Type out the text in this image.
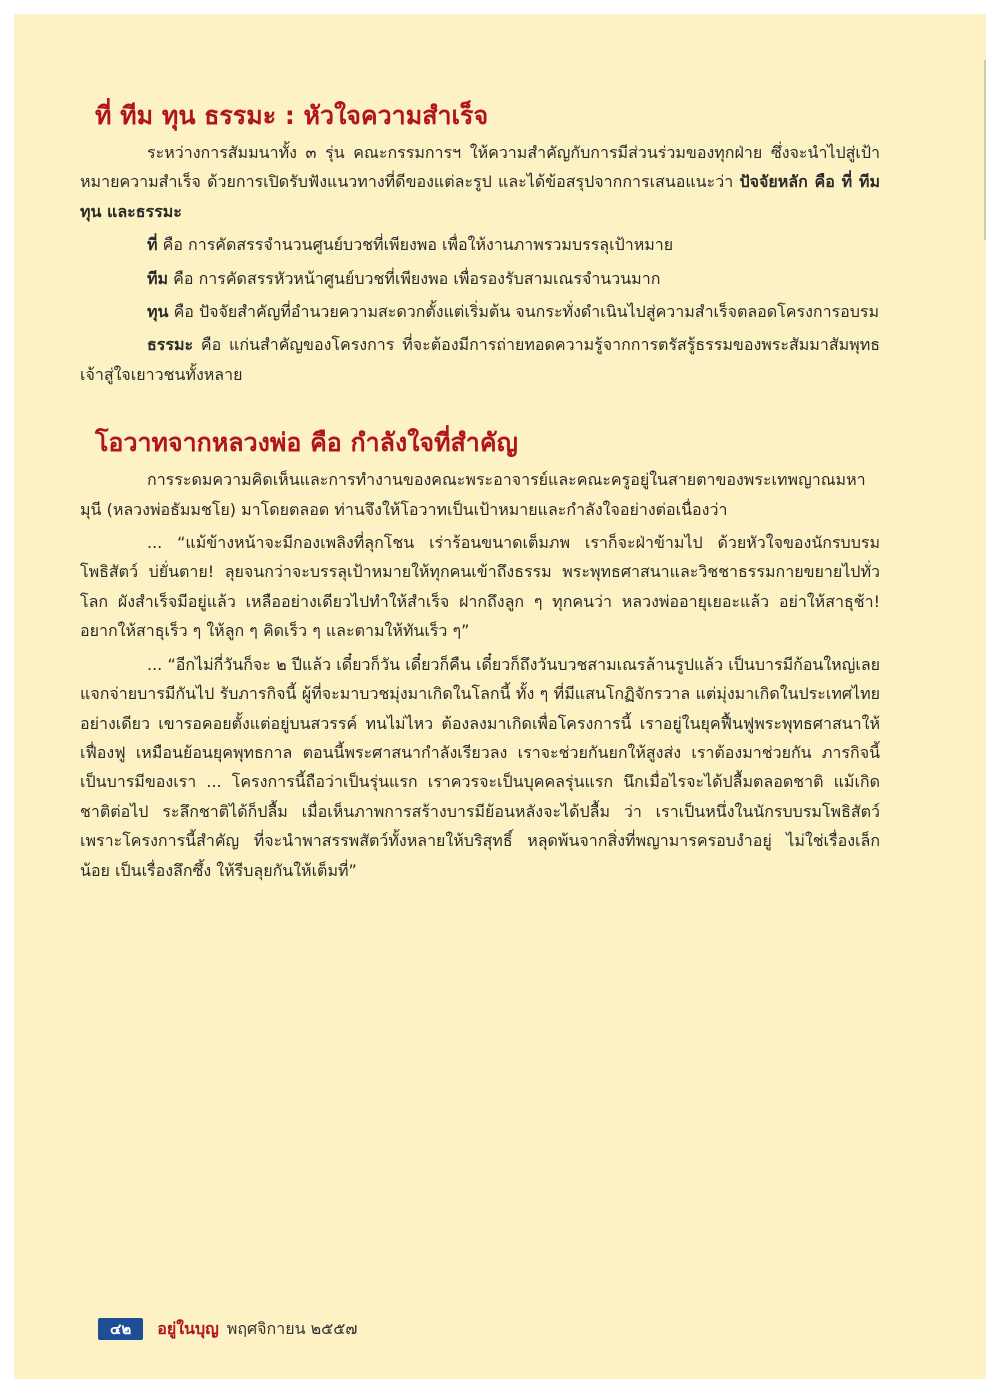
ที่ ทีม ทุน ธรรมะ : หัวใจความสำเร็จ

ระหว่างการสัมมนาทั้ง ๓ รุ่น คณะกรรมการฯ ให้ความสำคัญกับการมีส่วนร่วมของทุกฝ่าย ซึ่งจะนำไปสู่เป้าหมายความสำเร็จ ด้วยการเปิดรับฟังแนวทางที่ดีของแต่ละรูป และได้ข้อสรุปจากการเสนอแนะว่า ปัจจัยหลัก คือ ที่ ทีม ทุน และธรรมะ

ที่ คือ การคัดสรรจำนวนศูนย์บวชที่เพียงพอ เพื่อให้งานภาพรวมบรรลุเป้าหมาย

ทีม คือ การคัดสรรหัวหน้าศูนย์บวชที่เพียงพอ เพื่อรองรับสามเณรจำนวนมาก

ทุน คือ ปัจจัยสำคัญที่อำนวยความสะดวกตั้งแต่เริ่มต้น จนกระทั่งดำเนินไปสู่ความสำเร็จตลอดโครงการอบรม

ธรรมะ คือ แก่นสำคัญของโครงการ ที่จะต้องมีการถ่ายทอดความรู้จากการตรัสรู้ธรรมของพระสัมมาสัมพุทธเจ้าสู่ใจเยาวชนทั้งหลาย

โอวาทจากหลวงพ่อ คือ กำลังใจที่สำคัญ

การระดมความคิดเห็นและการทำงานของคณะพระอาจารย์และคณะครูอยู่ในสายตาของพระเทพญาณมหามุนี (หลวงพ่อธัมมชโย) มาโดยตลอด ท่านจึงให้โอวาทเป็นเป้าหมายและกำลังใจอย่างต่อเนื่องว่า

... “แม้ข้างหน้าจะมีกองเพลิงที่ลุกโชน เร่าร้อนขนาดเต็มภพ เราก็จะฝ่าข้ามไป ด้วยหัวใจของนักรบบรมโพธิสัตว์ บ่ยั่นตาย! ลุยจนกว่าจะบรรลุเป้าหมายให้ทุกคนเข้าถึงธรรม พระพุทธศาสนาและวิชชาธรรมกายขยายไปทั่วโลก ผังสำเร็จมีอยู่แล้ว เหลืออย่างเดียวไปทำให้สำเร็จ ฝากถึงลูก ๆ ทุกคนว่า หลวงพ่ออายุเยอะแล้ว อย่าให้สาธุช้า! อยากให้สาธุเร็ว ๆ ให้ลูก ๆ คิดเร็ว ๆ และตามให้ทันเร็ว ๆ”

... “อีกไม่กี่วันก็จะ ๒ ปีแล้ว เดี๋ยวก็วัน เดี๋ยวก็คืน เดี๋ยวก็ถึงวันบวชสามเณรล้านรูปแล้ว เป็นบารมีก้อนใหญ่เลย แจกจ่ายบารมีกันไป รับภารกิจนี้ ผู้ที่จะมาบวชมุ่งมาเกิดในโลกนี้ ทั้ง ๆ ที่มีแสนโกฏิจักรวาล แต่มุ่งมาเกิดในประเทศไทยอย่างเดียว เขารอคอยตั้งแต่อยู่บนสวรรค์ ทนไม่ไหว ต้องลงมาเกิดเพื่อโครงการนี้ เราอยู่ในยุคฟื้นฟูพระพุทธศาสนาให้เฟื่องฟู เหมือนย้อนยุคพุทธกาล ตอนนี้พระศาสนากำลังเรียวลง เราจะช่วยกันยกให้สูงส่ง เราต้องมาช่วยกัน ภารกิจนี้เป็นบารมีของเรา ... โครงการนี้ถือว่าเป็นรุ่นแรก เราควรจะเป็นบุคคลรุ่นแรก นึกเมื่อไรจะได้ปลื้มตลอดชาติ แม้เกิดชาติต่อไป ระลึกชาติได้ก็ปลื้ม เมื่อเห็นภาพการสร้างบารมีย้อนหลังจะได้ปลื้ม ว่า เราเป็นหนึ่งในนักรบบรมโพธิสัตว์ เพราะโครงการนี้สำคัญ ที่จะนำพาสรรพสัตว์ทั้งหลายให้บริสุทธิ์ หลุดพ้นจากสิ่งที่พญามารครอบงำอยู่ ไม่ใช่เรื่องเล็กน้อย เป็นเรื่องลึกซึ้ง ให้รีบลุยกันให้เต็มที่”

๔๒	อยู่ในบุญ พฤศจิกายน ๒๕๕๗
